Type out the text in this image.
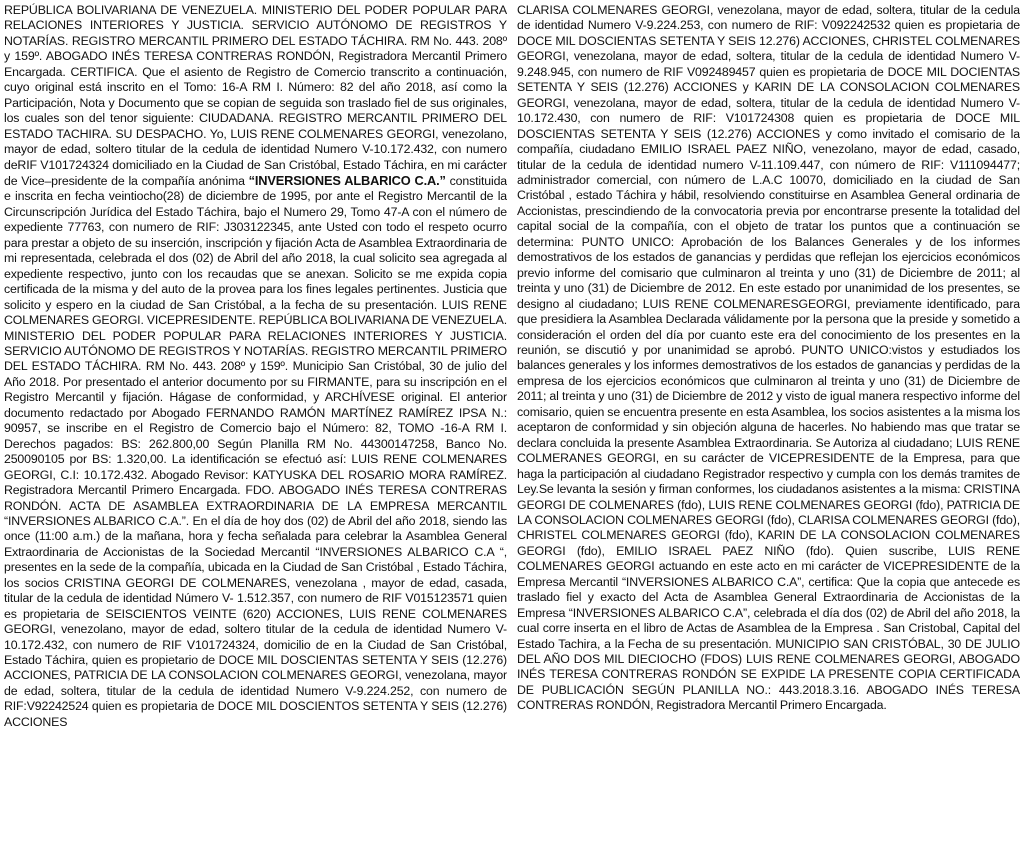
REPÚBLICA BOLIVARIANA DE VENEZUELA. MINISTERIO DEL PODER POPULAR PARA RELACIONES INTERIORES Y JUSTICIA. SERVICIO AUTÓNOMO DE REGISTROS Y NOTARÍAS. REGISTRO MERCANTIL PRIMERO DEL ESTADO TÁCHIRA. RM No. 443. 208º y 159º. ABOGADO INÉS TERESA CONTRERAS RONDÓN, Registradora Mercantil Primero Encargada. CERTIFICA. Que el asiento de Registro de Comercio transcrito a continuación, cuyo original está inscrito en el Tomo: 16-A RM I. Número: 82 del año 2018, así como la Participación, Nota y Documento que se copian de seguida son traslado fiel de sus originales, los cuales son del tenor siguiente: CIUDADANA. REGISTRO MERCANTIL PRIMERO DEL ESTADO TACHIRA. SU DESPACHO. Yo, LUIS RENE COLMENARES GEORGI, venezolano, mayor de edad, soltero titular de la cedula de identidad Numero V-10.172.432, con numero deRIF V101724324 domiciliado en la Ciudad de San Cristóbal, Estado Táchira, en mi carácter de Vice–presidente de la compañía anónima “INVERSIONES ALBARICO C.A.” constituida e inscrita en fecha veintiocho(28) de diciembre de 1995, por ante el Registro Mercantil de la Circunscripción Jurídica del Estado Táchira, bajo el Numero 29, Tomo 47-A con el número de expediente 77763, con numero de RIF: J303122345, ante Usted con todo el respeto ocurro para prestar a objeto de su inserción, inscripción y fijación Acta de Asamblea Extraordinaria de mi representada, celebrada el dos (02) de Abril del año 2018, la cual solicito sea agregada al expediente respectivo, junto con los recaudas que se anexan. Solicito se me expida copia certificada de la misma y del auto de la provea para los fines legales pertinentes. Justicia que solicito y espero en la ciudad de San Cristóbal, a la fecha de su presentación. LUIS RENE COLMENARES GEORGI. VICEPRESIDENTE. REPÚBLICA BOLIVARIANA DE VENEZUELA. MINISTERIO DEL PODER POPULAR PARA RELACIONES INTERIORES Y JUSTICIA. SERVICIO AUTÓNOMO DE REGISTROS Y NOTARÍAS. REGISTRO MERCANTIL PRIMERO DEL ESTADO TÁCHIRA. RM No. 443. 208º y 159º. Municipio San Cristóbal, 30 de julio del Año 2018. Por presentado el anterior documento por su FIRMANTE, para su inscripción en el Registro Mercantil y fijación. Hágase de conformidad, y ARCHÍVESE original. El anterior documento redactado por Abogado FERNANDO RAMÓN MARTÍNEZ RAMÍREZ IPSA N.: 90957, se inscribe en el Registro de Comercio bajo el Número: 82, TOMO -16-A RM I. Derechos pagados: BS: 262.800,00 Según Planilla RM No. 44300147258, Banco No. 250090105 por BS: 1.320,00. La identificación se efectuó así: LUIS RENE COLMENARES GEORGI, C.I: 10.172.432. Abogado Revisor: KATYUSKA DEL ROSARIO MORA RAMÍREZ. Registradora Mercantil Primero Encargada. FDO. ABOGADO INÉS TERESA CONTRERAS RONDÓN. ACTA DE ASAMBLEA EXTRAORDINARIA DE LA EMPRESA MERCANTIL “INVERSIONES ALBARICO C.A.”. En el día de hoy dos (02) de Abril del año 2018, siendo las once (11:00 a.m.) de la mañana, hora y fecha señalada para celebrar la Asamblea General Extraordinaria de Accionistas de la Sociedad Mercantil “INVERSIONES ALBARICO C.A “, presentes en la sede de la compañía, ubicada en la Ciudad de San Cristóbal , Estado Táchira, los socios CRISTINA GEORGI DE COLMENARES, venezolana , mayor de edad, casada, titular de la cedula de identidad Número V- 1.512.357, con numero de RIF V015123571 quien es propietaria de SEISCIENTOS VEINTE (620) ACCIONES, LUIS RENE COLMENARES GEORGI, venezolano, mayor de edad, soltero titular de la cedula de identidad Numero V-10.172.432, con numero de RIF V101724324, domicilio de en la Ciudad de San Cristóbal, Estado Táchira, quien es propietario de DOCE MIL DOSCIENTAS SETENTA Y SEIS (12.276) ACCIONES, PATRICIA DE LA CONSOLACION COLMENARES GEORGI, venezolana, mayor de edad, soltera, titular de la cedula de identidad Numero V-9.224.252, con numero de RIF:V92242524 quien es propietaria de DOCE MIL DOSCIENTOS SETENTA Y SEIS (12.276) ACCIONES

CLARISA COLMENARES GEORGI, venezolana, mayor de edad, soltera, titular de la cedula de identidad Numero V-9.224.253, con numero de RIF: V092242532 quien es propietaria de DOCE MIL DOSCIENTAS SETENTA Y SEIS 12.276) ACCIONES, CHRISTEL COLMENARES GEORGI, venezolana, mayor de edad, soltera, titular de la cedula de identidad Numero V-9.248.945, con numero de RIF V092489457 quien es propietaria de DOCE MIL DOCIENTAS SETENTA Y SEIS (12.276) ACCIONES y KARIN DE LA CONSOLACION COLMENARES GEORGI, venezolana, mayor de edad, soltera, titular de la cedula de identidad Numero V-10.172.430, con numero de RIF: V101724308 quien es propietaria de DOCE MIL DOSCIENTAS SETENTA Y SEIS (12.276) ACCIONES y como invitado el comisario de la compañía, ciudadano EMILIO ISRAEL PAEZ NIÑO, venezolano, mayor de edad, casado, titular de la cedula de identidad numero V-11.109.447, con número de RIF: V111094477; administrador comercial, con número de L.A.C 10070, domiciliado en la ciudad de San Cristóbal , estado Táchira y hábil, resolviendo constituirse en Asamblea General ordinaria de Accionistas, prescindiendo de la convocatoria previa por encontrarse presente la totalidad del capital social de la compañía, con el objeto de tratar los puntos que a continuación se determina: PUNTO UNICO: Aprobación de los Balances Generales y de los informes demostrativos de los estados de ganancias y perdidas que reflejan los ejercicios económicos previo informe del comisario que culminaron al treinta y uno (31) de Diciembre de 2011; al treinta y uno (31) de Diciembre de 2012. En este estado por unanimidad de los presentes, se designo al ciudadano; LUIS RENE COLMENARESGEORGI, previamente identificado, para que presidiera la Asamblea Declarada válidamente por la persona que la preside y sometido a consideración el orden del día por cuanto este era del conocimiento de los presentes en la reunión, se discutió y por unanimidad se aprobó. PUNTO UNICO:vistos y estudiados los balances generales y los informes demostrativos de los estados de ganancias y perdidas de la empresa de los ejercicios económicos que culminaron al treinta y uno (31) de Diciembre de 2011; al treinta y uno (31) de Diciembre de 2012 y visto de igual manera respectivo informe del comisario, quien se encuentra presente en esta Asamblea, los socios asistentes a la misma los aceptaron de conformidad y sin objeción alguna de hacerles. No habiendo mas que tratar se declara concluida la presente Asamblea Extraordinaria. Se Autoriza al ciudadano; LUIS RENE COLMERANES GEORGI, en su carácter de VICEPRESIDENTE de la Empresa, para que haga la participación al ciudadano Registrador respectivo y cumpla con los demás tramites de Ley.Se levanta la sesión y firman conformes, los ciudadanos asistentes a la misma: CRISTINA GEORGI DE COLMENARES (fdo), LUIS RENE COLMENARES GEORGI (fdo), PATRICIA DE LA CONSOLACION COLMENARES GEORGI (fdo), CLARISA COLMENARES GEORGI (fdo), CHRISTEL COLMENARES GEORGI (fdo), KARIN DE LA CONSOLACION COLMENARES GEORGI (fdo), EMILIO ISRAEL PAEZ NIÑO (fdo). Quien suscribe, LUIS RENE COLMENARES GEORGI actuando en este acto en mi carácter de VICEPRESIDENTE de la Empresa Mercantil “INVERSIONES ALBARICO C.A”, certifica: Que la copia que antecede es traslado fiel y exacto del Acta de Asamblea General Extraordinaria de Accionistas de la Empresa “INVERSIONES ALBARICO C.A”, celebrada el día dos (02) de Abril del año 2018, la cual corre inserta en el libro de Actas de Asamblea de la Empresa . San Cristobal, Capital del Estado Tachira, a la Fecha de su presentación. MUNICIPIO SAN CRISTÓBAL, 30 DE JULIO DEL AÑO DOS MIL DIECIOCHO (FDOS) LUIS RENE COLMENARES GEORGI, ABOGADO INÉS TERESA CONTRERAS RONDÓN SE EXPIDE LA PRESENTE COPIA CERTIFICADA DE PUBLICACIÓN SEGÚN PLANILLA NO.: 443.2018.3.16. ABOGADO INÉS TERESA CONTRERAS RONDÓN, Registradora Mercantil Primero Encargada.
